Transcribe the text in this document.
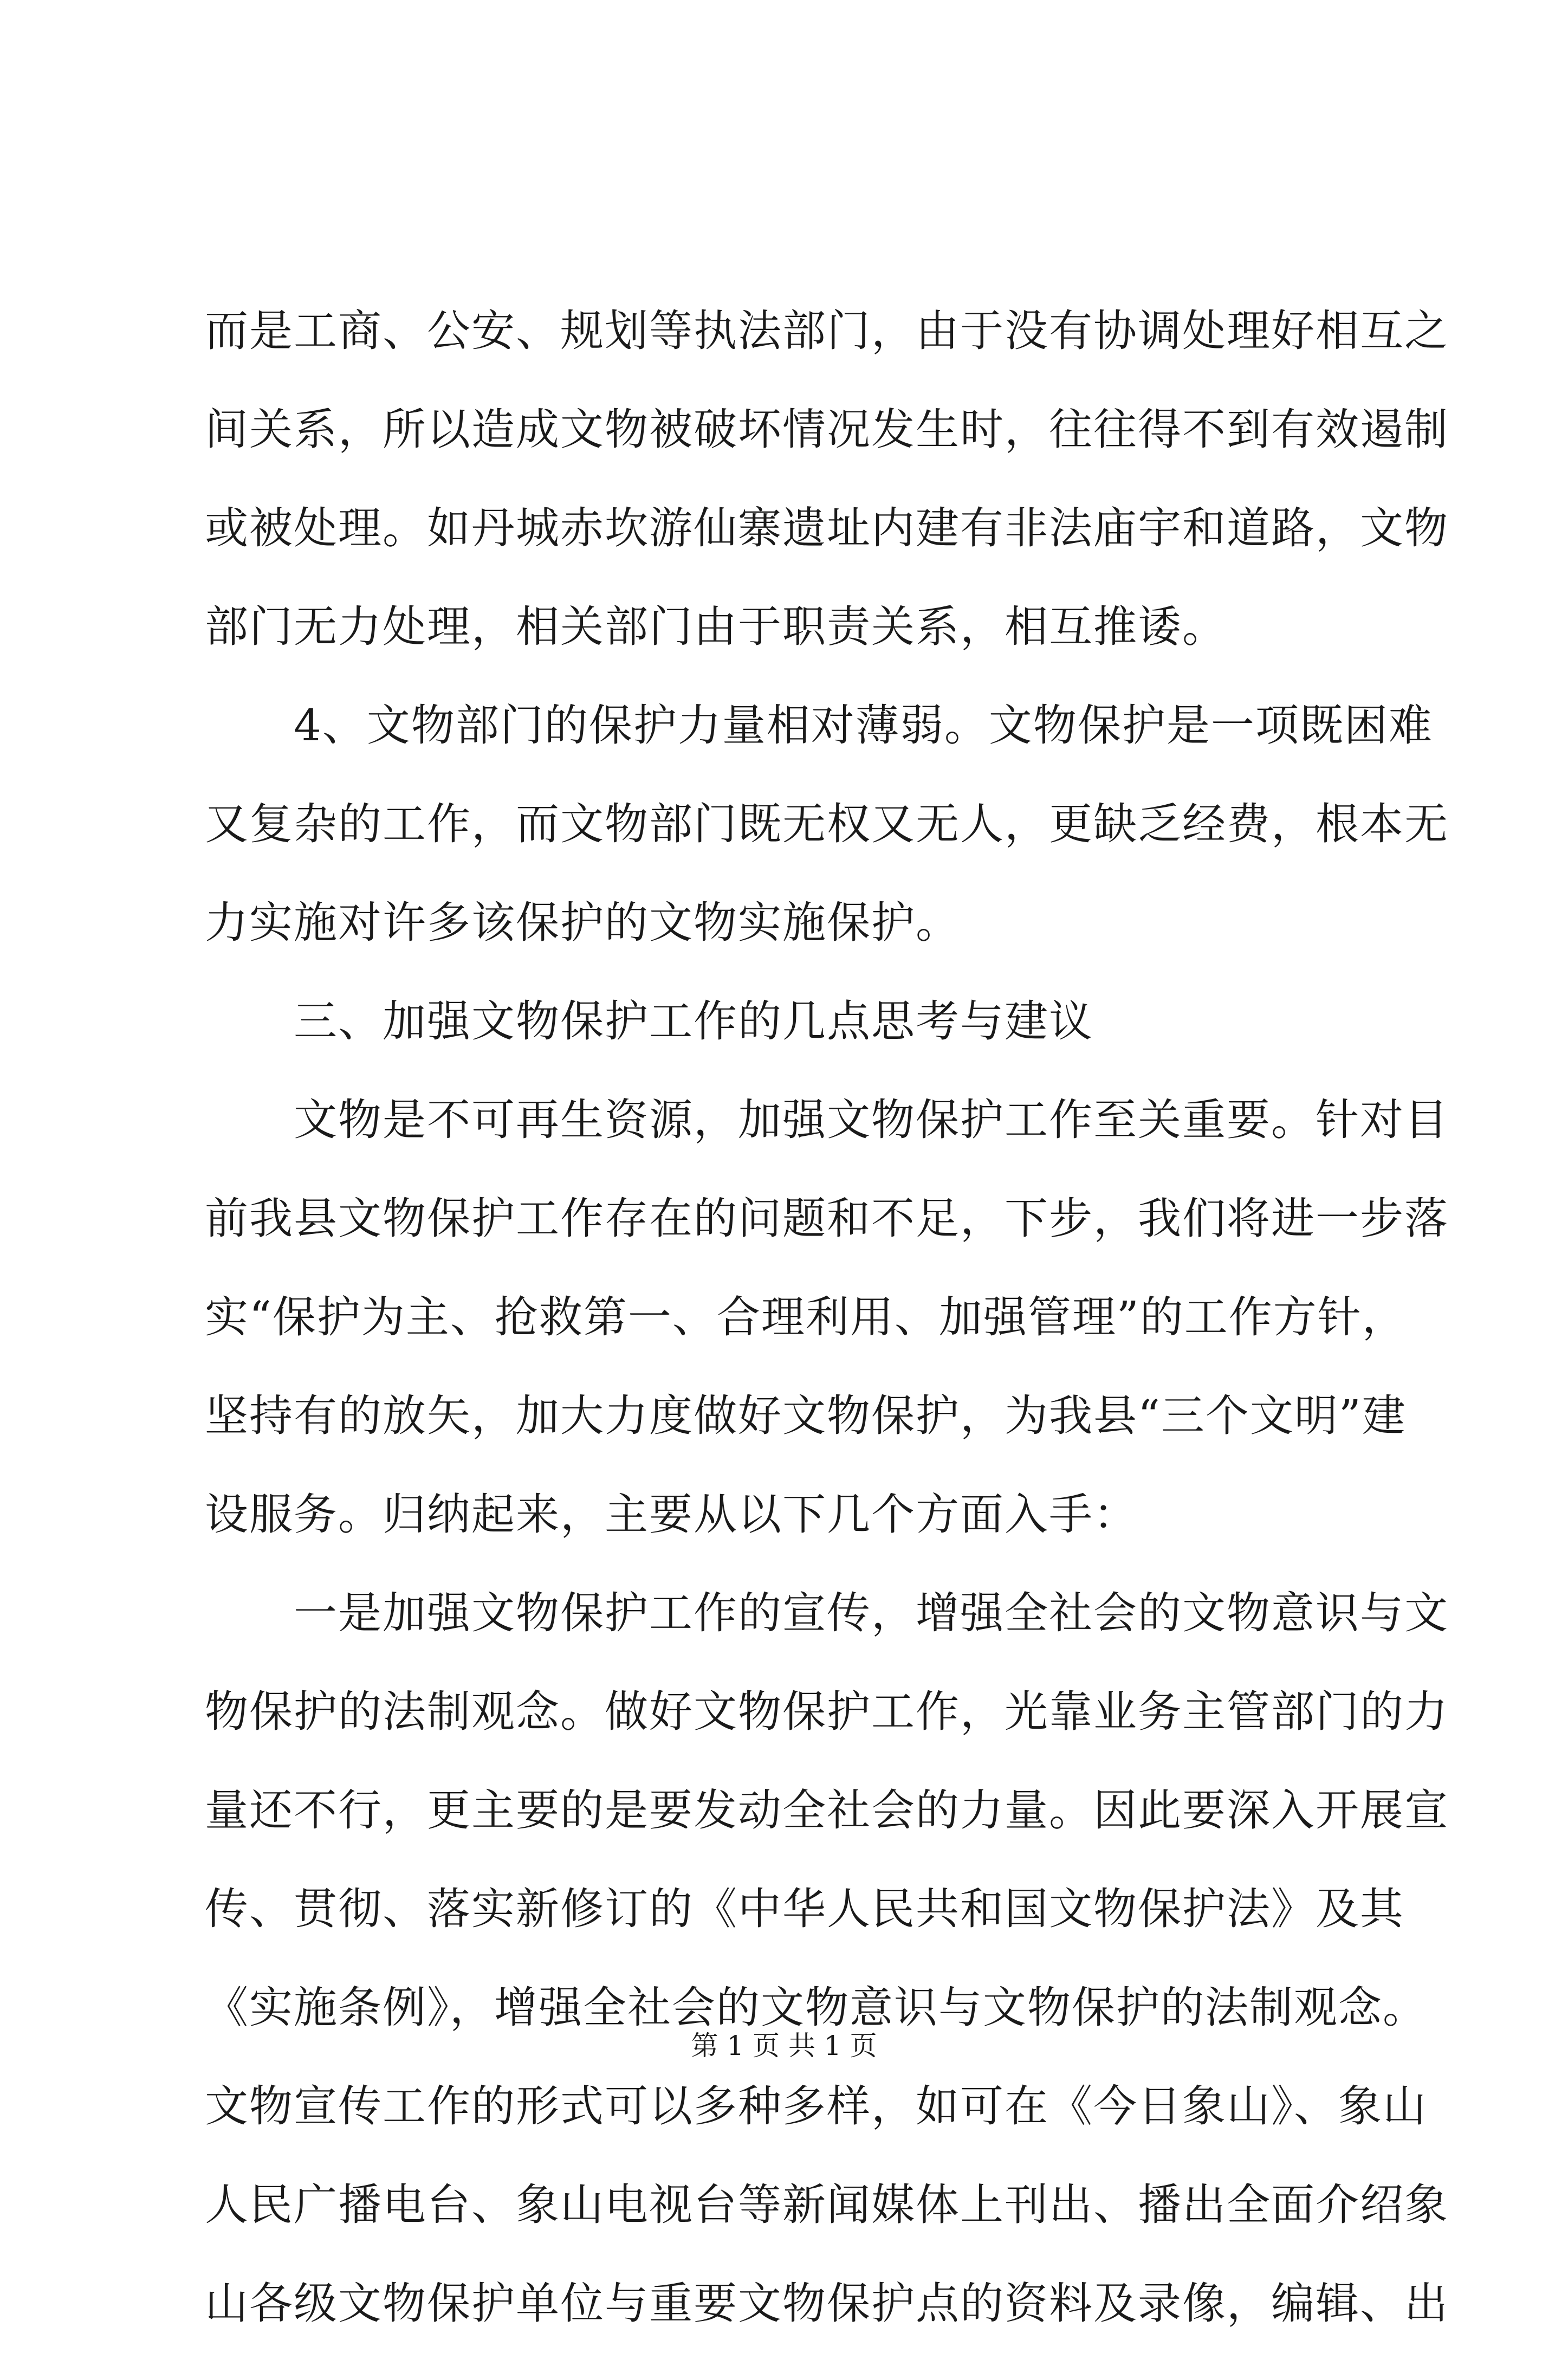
而是工商、公安、规划等执法部门，由于没有协调处理好相互之
间关系，所以造成文物被破坏情况发生时，往往得不到有效遏制
或被处理。如丹城赤坎游仙寨遗址内建有非法庙宇和道路，文物
部门无力处理，相关部门由于职责关系，相互推诿。
4、文物部门的保护力量相对薄弱。文物保护是一项既困难
又复杂的工作，而文物部门既无权又无人，更缺乏经费，根本无
力实施对许多该保护的文物实施保护。
三、加强文物保护工作的几点思考与建议
文物是不可再生资源，加强文物保护工作至关重要。针对目
前我县文物保护工作存在的问题和不足，下步，我们将进一步落
实“保护为主、抢救第一、合理利用、加强管理”的工作方针，
坚持有的放矢，加大力度做好文物保护，为我县“三个文明”建
设服务。归纳起来，主要从以下几个方面入手：
一是加强文物保护工作的宣传，增强全社会的文物意识与文
物保护的法制观念。做好文物保护工作，光靠业务主管部门的力
量还不行，更主要的是要发动全社会的力量。因此要深入开展宣
传、贯彻、落实新修订的《中华人民共和国文物保护法》及其
《实施条例》，增强全社会的文物意识与文物保护的法制观念。
文物宣传工作的形式可以多种多样，如可在《今日象山》、象山
人民广播电台、象山电视台等新闻媒体上刊出、播出全面介绍象
山各级文物保护单位与重要文物保护点的资料及录像，编辑、出
第 1 页 共 1 页
